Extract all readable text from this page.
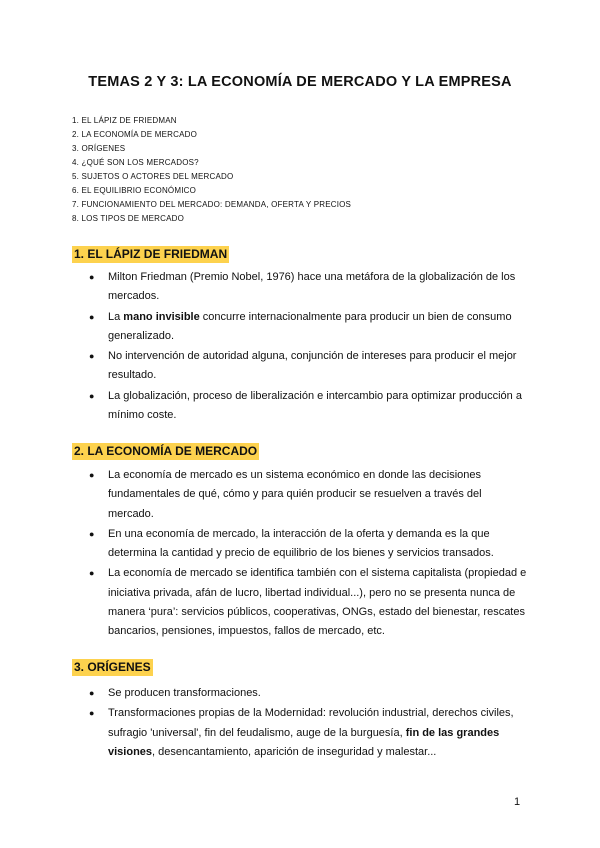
TEMAS 2 Y 3: LA ECONOMÍA DE MERCADO Y LA EMPRESA
1. EL LÁPIZ DE FRIEDMAN
2. LA ECONOMÍA DE MERCADO
3. ORÍGENES
4. ¿QUÉ SON LOS MERCADOS?
5. SUJETOS O ACTORES DEL MERCADO
6. EL EQUILIBRIO ECONÓMICO
7. FUNCIONAMIENTO DEL MERCADO: DEMANDA, OFERTA Y PRECIOS
8. LOS TIPOS DE MERCADO
1. EL LÁPIZ DE FRIEDMAN
● Milton Friedman (Premio Nobel, 1976) hace una metáfora de la globalización de los mercados.
● La mano invisible concurre internacionalmente para producir un bien de consumo generalizado.
● No intervención de autoridad alguna, conjunción de intereses para producir el mejor resultado.
● La globalización, proceso de liberalización e intercambio para optimizar producción a mínimo coste.
2. LA ECONOMÍA DE MERCADO
● La economía de mercado es un sistema económico en donde las decisiones fundamentales de qué, cómo y para quién producir se resuelven a través del mercado.
● En una economía de mercado, la interacción de la oferta y demanda es la que determina la cantidad y precio de equilibrio de los bienes y servicios transados.
● La economía de mercado se identifica también con el sistema capitalista (propiedad e iniciativa privada, afán de lucro, libertad individual...), pero no se presenta nunca de manera ‘pura’: servicios públicos, cooperativas, ONGs, estado del bienestar, rescates bancarios, pensiones, impuestos, fallos de mercado, etc.
3. ORÍGENES
● Se producen transformaciones.
● Transformaciones propias de la Modernidad: revolución industrial, derechos civiles, sufragio 'universal', fin del feudalismo, auge de la burguesía, fin de las grandes visiones, desencantamiento, aparición de inseguridad y malestar...
1
